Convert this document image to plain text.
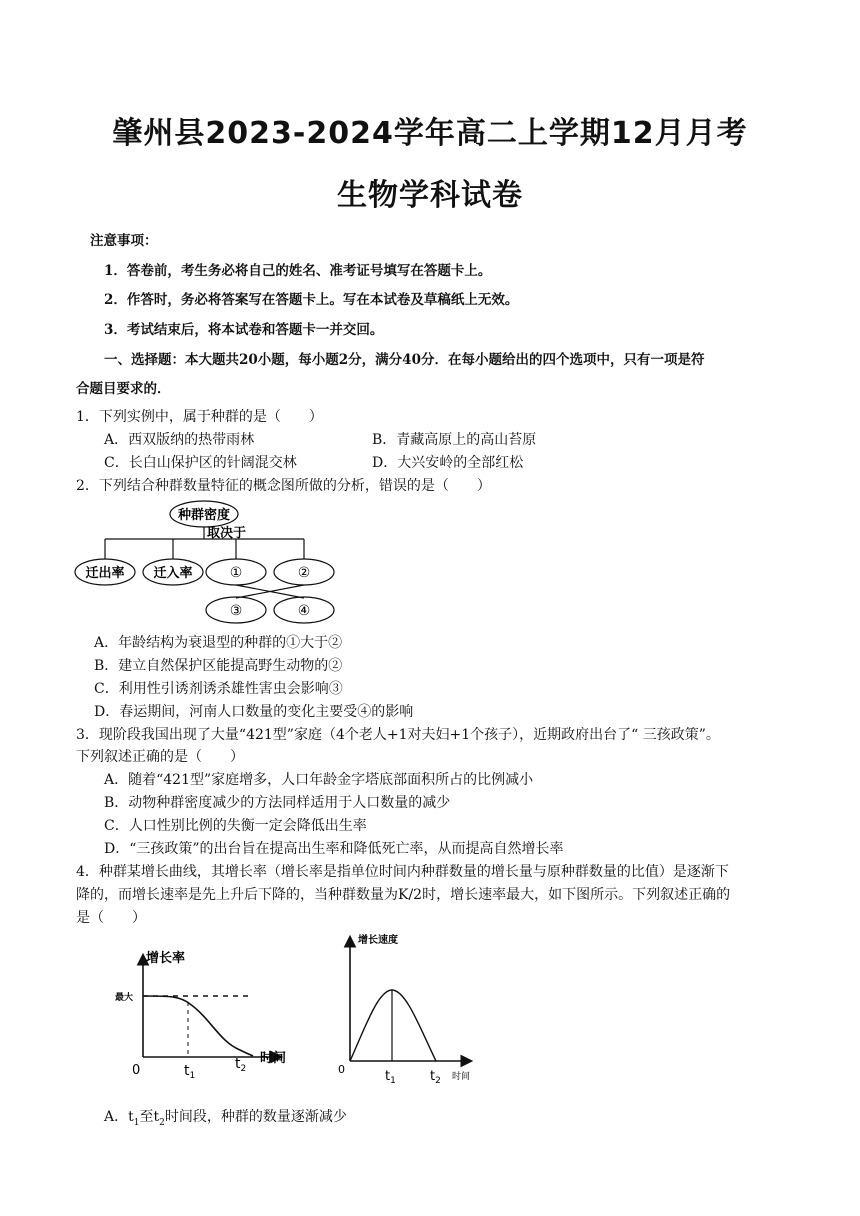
肇州县2023-2024学年高二上学期12月月考
生物学科试卷
注意事项：
1．答卷前，考生务必将自己的姓名、准考证号填写在答题卡上。
2．作答时，务必将答案写在答题卡上。写在本试卷及草稿纸上无效。
3．考试结束后，将本试卷和答题卡一并交回。
一、选择题：本大题共20小题，每小题2分，满分40分．在每小题给出的四个选项中，只有一项是符
合题目要求的．
1．下列实例中，属于种群的是（　　）
A．西双版纳的热带雨林	B．青藏高原上的高山苔原
C．长白山保护区的针阔混交林	D．大兴安岭的全部红松
2．下列结合种群数量特征的概念图所做的分析，错误的是（　　）
种群密度
取决于
迁出率 迁入率	①	②
③	④
A．年龄结构为衰退型的种群的①大于②
B．建立自然保护区能提高野生动物的②
C．利用性引诱剂诱杀雄性害虫会影响③
D．春运期间，河南人口数量的变化主要受④的影响
3．现阶段我国出现了大量“421型”家庭（4个老人+1对夫妇+1个孩子），近期政府出台了“ 三孩政策”。
下列叙述正确的是（　　）
A．随着“421型”家庭增多，人口年龄金字塔底部面积所占的比例减小
B．动物种群密度减少的方法同样适用于人口数量的减少
C．人口性别比例的失衡一定会降低出生率
D．“三孩政策”的出台旨在提高出生率和降低死亡率，从而提高自然增长率
4．种群某增长曲线，其增长率（增长率是指单位时间内种群数量的增长量与原种群数量的比值）是逐渐下
降的，而增长速率是先上升后下降的，当种群数量为K/2时，增长速率最大，如下图所示。下列叙述正确的
是（　　）
增长率
最大
0	$t_1$
$t_2$
时间
增长速度
0	$t_1$	$t_2$ 时间
A．$t_1$至$t_2$时间段，种群的数量逐渐减少
